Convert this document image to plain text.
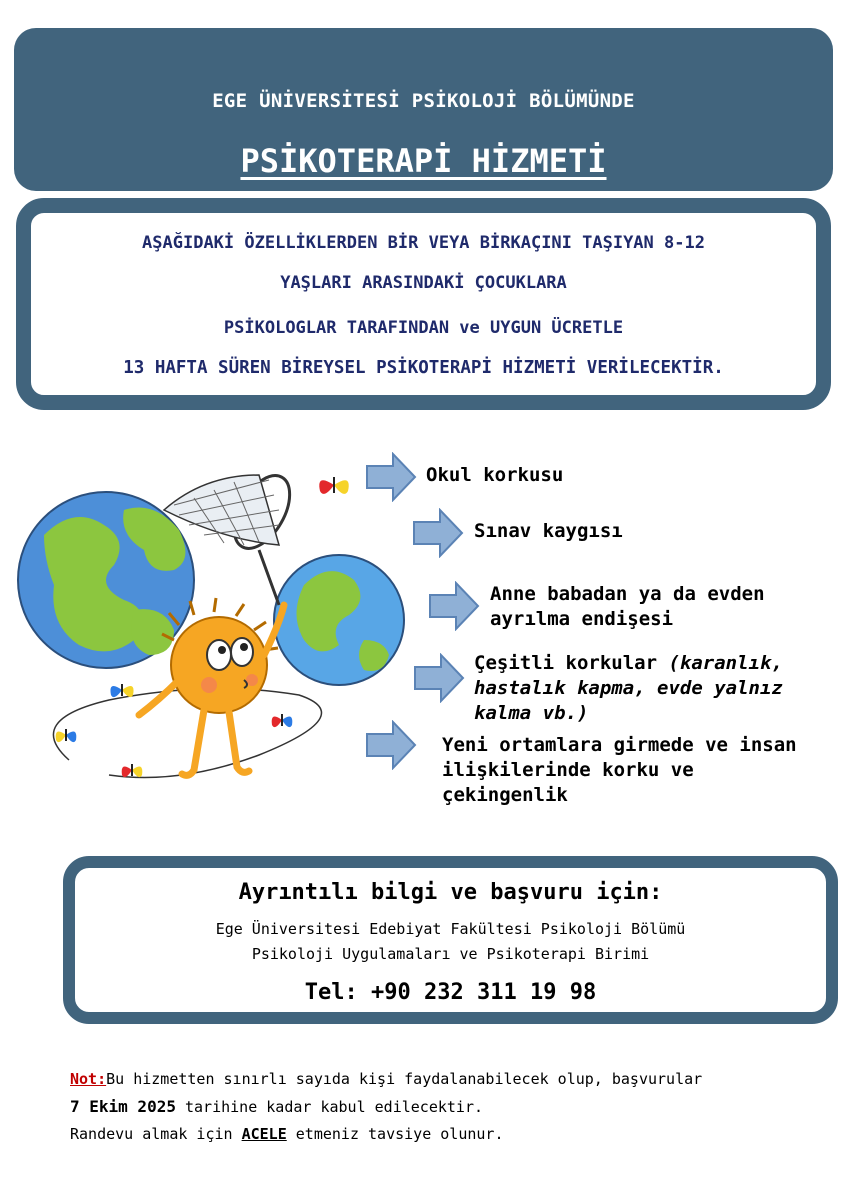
EGE ÜNİVERSİTESİ PSİKOLOJİ BÖLÜMÜNDE
PSİKOTERAPİ HİZMETİ
AŞAĞIDAKİ ÖZELLİKLERDEN BİR VEYA BİRKAÇINI TAŞIYAN 8-12
YAŞLARI ARASINDAKİ ÇOCUKLARA
PSİKOLOGLAR TARAFINDAN ve UYGUN ÜCRETLE
13 HAFTA SÜREN BİREYSEL PSİKOTERAPİ HİZMETİ VERİLECEKTİR.
Okul korkusu
Sınav kaygısı
Anne babadan ya da evden
ayrılma endişesi
Çeşitli korkular (karanlık,
hastalık kapma, evde yalnız
kalma vb.)
Yeni ortamlara girmede ve insan
ilişkilerinde korku ve
çekingenlik
Ayrıntılı bilgi ve başvuru için:
Ege Üniversitesi Edebiyat Fakültesi Psikoloji Bölümü
Psikoloji Uygulamaları ve Psikoterapi Birimi
Tel: +90 232 311 19 98
Not:Bu hizmetten sınırlı sayıda kişi faydalanabilecek olup, başvurular
7 Ekim 2025 tarihine kadar kabul edilecektir.
Randevu almak için ACELE etmeniz tavsiye olunur.
